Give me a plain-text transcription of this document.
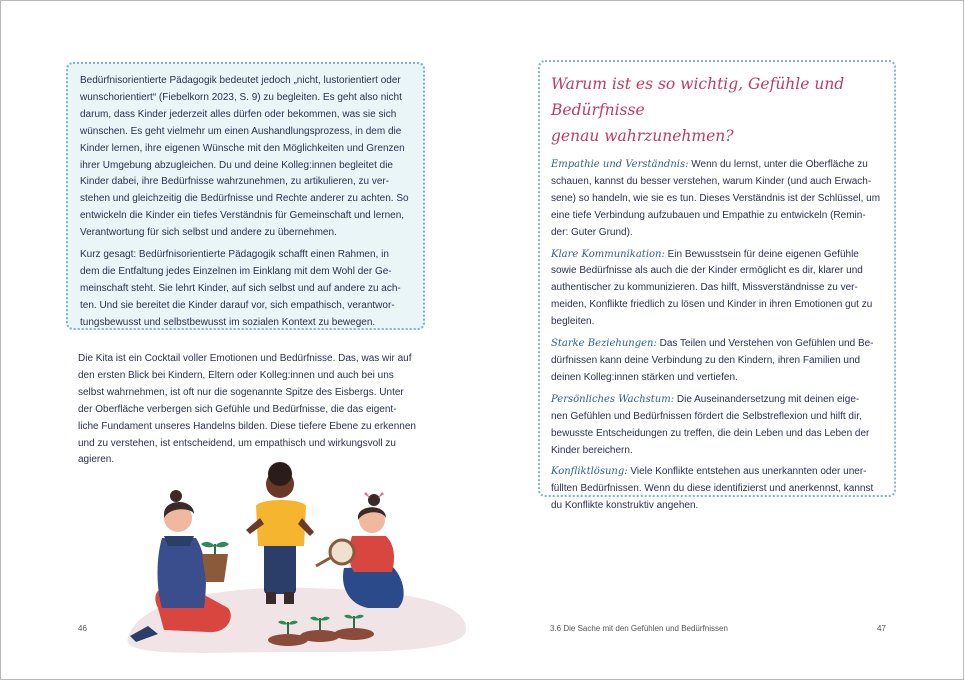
Bedürfnisorientierte Pädagogik bedeutet jedoch „nicht, lustorientiert oder
wunschorientiert“ (Fiebelkorn 2023, S. 9) zu begleiten. Es geht also nicht
darum, dass Kinder jederzeit alles dürfen oder bekommen, was sie sich
wünschen. Es geht vielmehr um einen Aushandlungsprozess, in dem die
Kinder lernen, ihre eigenen Wünsche mit den Möglichkeiten und Grenzen
ihrer Umgebung abzugleichen. Du und deine Kolleg:innen begleitet die
Kinder dabei, ihre Bedürfnisse wahrzunehmen, zu artikulieren, zu ver-
stehen und gleichzeitig die Bedürfnisse und Rechte anderer zu achten. So
entwickeln die Kinder ein tiefes Verständnis für Gemeinschaft und lernen,
Verantwortung für sich selbst und andere zu übernehmen.

Kurz gesagt: Bedürfnisorientierte Pädagogik schafft einen Rahmen, in
dem die Entfaltung jedes Einzelnen im Einklang mit dem Wohl der Ge-
meinschaft steht. Sie lehrt Kinder, auf sich selbst und auf andere zu ach-
ten. Und sie bereitet die Kinder darauf vor, sich empathisch, verantwor-
tungsbewusst und selbstbewusst im sozialen Kontext zu bewegen.

Die Kita ist ein Cocktail voller Emotionen und Bedürfnisse. Das, was wir auf
den ersten Blick bei Kindern, Eltern oder Kolleg:innen und auch bei uns
selbst wahrnehmen, ist oft nur die sogenannte Spitze des Eisbergs. Unter
der Oberfläche verbergen sich Gefühle und Bedürfnisse, die das eigent-
liche Fundament unseres Handelns bilden. Diese tiefere Ebene zu erkennen
und zu verstehen, ist entscheidend, um empathisch und wirkungsvoll zu
agieren.
46
Warum ist es so wichtig, Gefühle und Bedürfnisse
genau wahrzunehmen?

Empathie und Verständnis: Wenn du lernst, unter die Oberfläche zu
schauen, kannst du besser verstehen, warum Kinder (und auch Erwach-
sene) so handeln, wie sie es tun. Dieses Verständnis ist der Schlüssel, um
eine tiefe Verbindung aufzubauen und Empathie zu entwickeln (Remin-
der: Guter Grund).

Klare Kommunikation: Ein Bewusstsein für deine eigenen Gefühle
sowie Bedürfnisse als auch die der Kinder ermöglicht es dir, klarer und
authentischer zu kommunizieren. Das hilft, Missverständnisse zu ver-
meiden, Konflikte friedlich zu lösen und Kinder in ihren Emotionen gut zu
begleiten.

Starke Beziehungen: Das Teilen und Verstehen von Gefühlen und Be-
dürfnissen kann deine Verbindung zu den Kindern, ihren Familien und
deinen Kolleg:innen stärken und vertiefen.

Persönliches Wachstum: Die Auseinandersetzung mit deinen eige-
nen Gefühlen und Bedürfnissen fördert die Selbstreflexion und hilft dir,
bewusste Entscheidungen zu treffen, die dein Leben und das Leben der
Kinder bereichern.

Konfliktlösung: Viele Konflikte entstehen aus unerkannten oder uner-
füllten Bedürfnissen. Wenn du diese identifizierst und anerkennst, kannst
du Konflikte konstruktiv angehen.

3.6 Die Sache mit den Gefühlen und Bedürfnissen	47
